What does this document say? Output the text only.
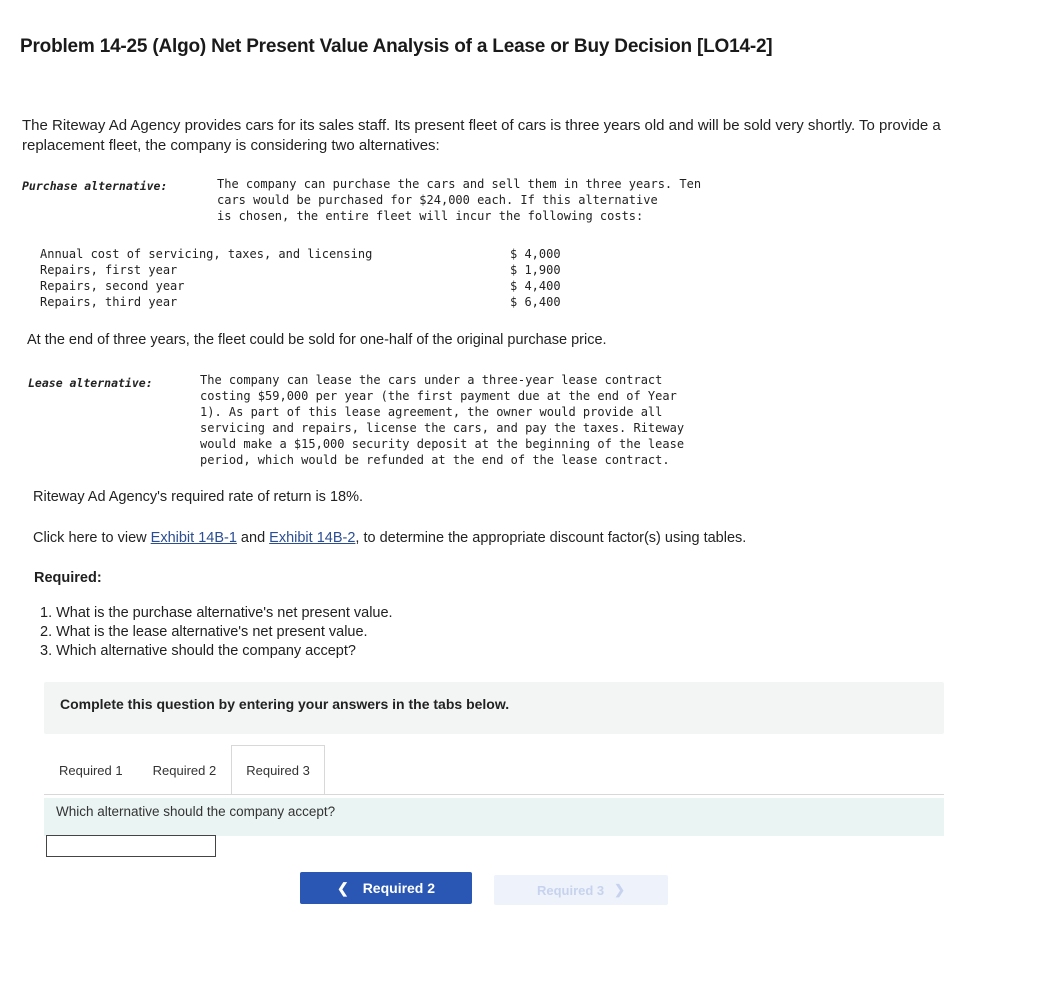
Problem 14-25 (Algo) Net Present Value Analysis of a Lease or Buy Decision [LO14-2]
The Riteway Ad Agency provides cars for its sales staff. Its present fleet of cars is three years old and will be sold very shortly. To provide a replacement fleet, the company is considering two alternatives:
Purchase alternative:	The company can purchase the cars and sell them in three years. Ten
cars would be purchased for $24,000 each. If this alternative
is chosen, the entire fleet will incur the following costs:
Annual cost of servicing, taxes, and licensing	$ 4,000
Repairs, first year	$ 1,900
Repairs, second year	$ 4,400
Repairs, third year	$ 6,400
At the end of three years, the fleet could be sold for one-half of the original purchase price.
Lease alternative:	The company can lease the cars under a three-year lease contract
costing $59,000 per year (the first payment due at the end of Year
1). As part of this lease agreement, the owner would provide all
servicing and repairs, license the cars, and pay the taxes. Riteway
would make a $15,000 security deposit at the beginning of the lease
period, which would be refunded at the end of the lease contract.
Riteway Ad Agency's required rate of return is 18%.
Click here to view Exhibit 14B-1 and Exhibit 14B-2, to determine the appropriate discount factor(s) using tables.
Required:
1. What is the purchase alternative's net present value.
2. What is the lease alternative's net present value.
3. Which alternative should the company accept?
Complete this question by entering your answers in the tabs below.
Required 1	Required 2	Required 3
Which alternative should the company accept?
❮ Required 2	Required 3 ❯
